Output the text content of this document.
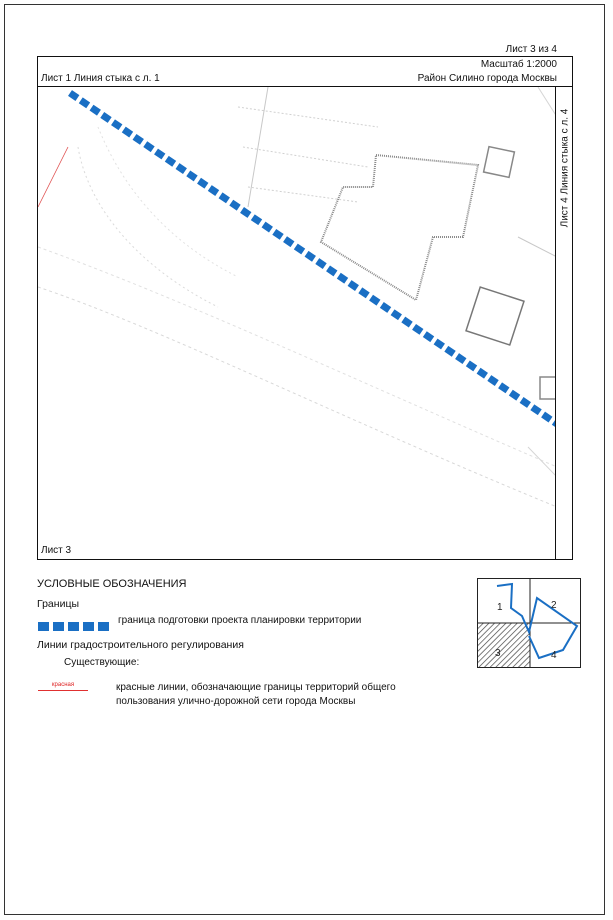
Лист 3 из 4
Масштаб 1:2000
Район Силино города Москвы
Лист 1 Линия стыка с л. 1
Лист 4 Линия стыка с л. 4
Лист 3
УСЛОВНЫЕ ОБОЗНАЧЕНИЯ
Границы
граница подготовки проекта планировки территории
Линии градостроительного регулирования
Существующие:
красная	красные линии, обозначающие границы территорий общего пользования улично-дорожной сети города Москвы
1	2
3	4
